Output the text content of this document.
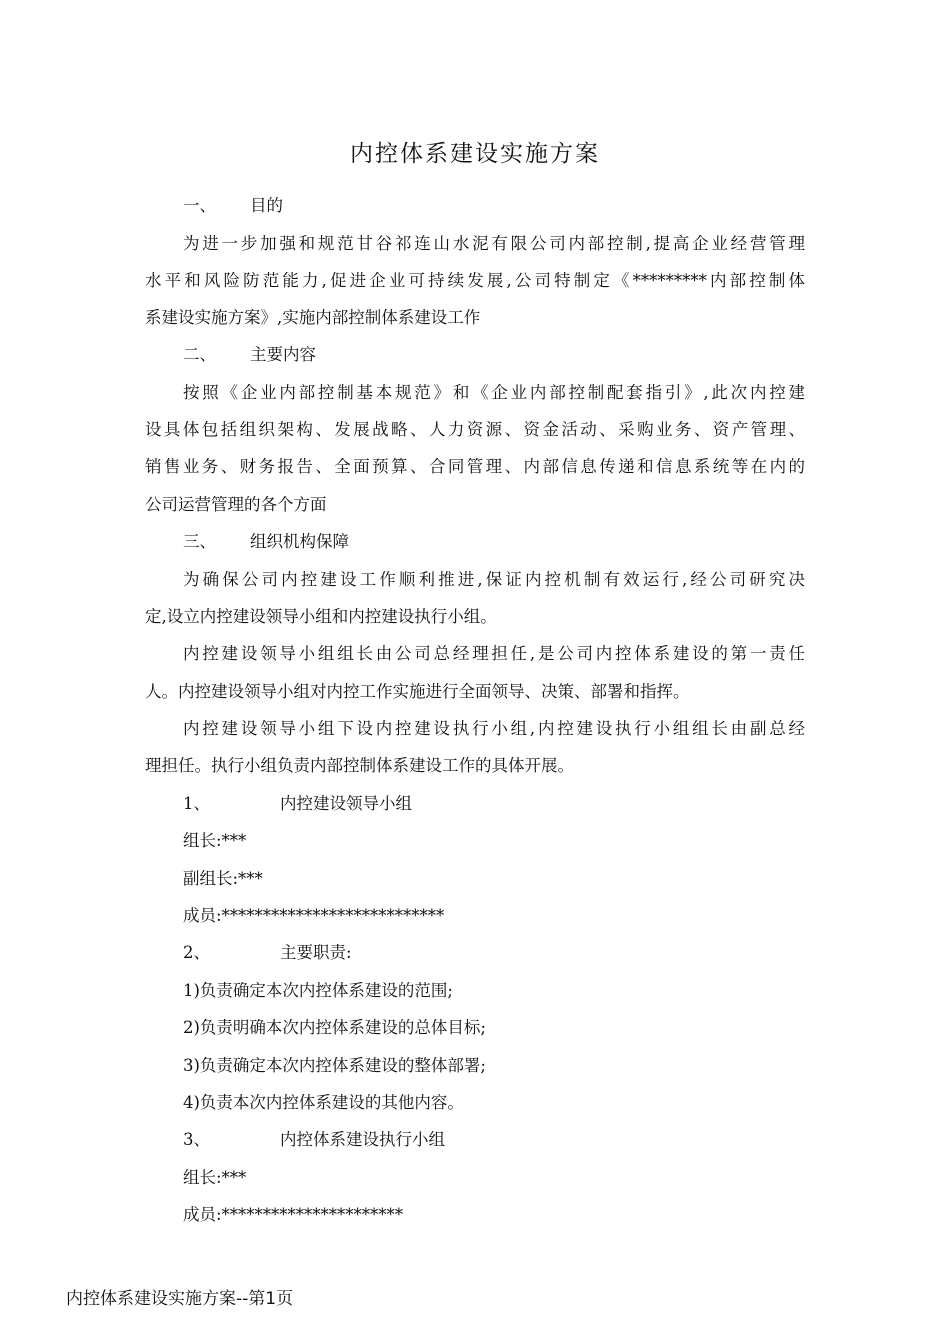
内控体系建设实施方案
一、 目的
为进一步加强和规范甘谷祁连山水泥有限公司内部控制,提高企业经营管理
水平和风险防范能力,促进企业可持续发展,公司特制定《*********内部控制体
系建设实施方案》,实施内部控制体系建设工作
二、 主要内容
按照《企业内部控制基本规范》和《企业内部控制配套指引》,此次内控建
设具体包括组织架构、发展战略、人力资源、资金活动、采购业务、资产管理、
销售业务、财务报告、全面预算、合同管理、内部信息传递和信息系统等在内的
公司运营管理的各个方面
三、 组织机构保障
为确保公司内控建设工作顺利推进,保证内控机制有效运行,经公司研究决
定,设立内控建设领导小组和内控建设执行小组。
内控建设领导小组组长由公司总经理担任,是公司内控体系建设的第一责任
人。内控建设领导小组对内控工作实施进行全面领导、决策、部署和指挥。
内控建设领导小组下设内控建设执行小组,内控建设执行小组组长由副总经
理担任。执行小组负责内部控制体系建设工作的具体开展。
1、	内控建设领导小组
组长:***
副组长:***
成员:***************************
2、	主要职责:
1)负责确定本次内控体系建设的范围;
2)负责明确本次内控体系建设的总体目标;
3)负责确定本次内控体系建设的整体部署;
4)负责本次内控体系建设的其他内容。
3、	内控体系建设执行小组
组长:***
成员:**********************
内控体系建设实施方案--第1页
